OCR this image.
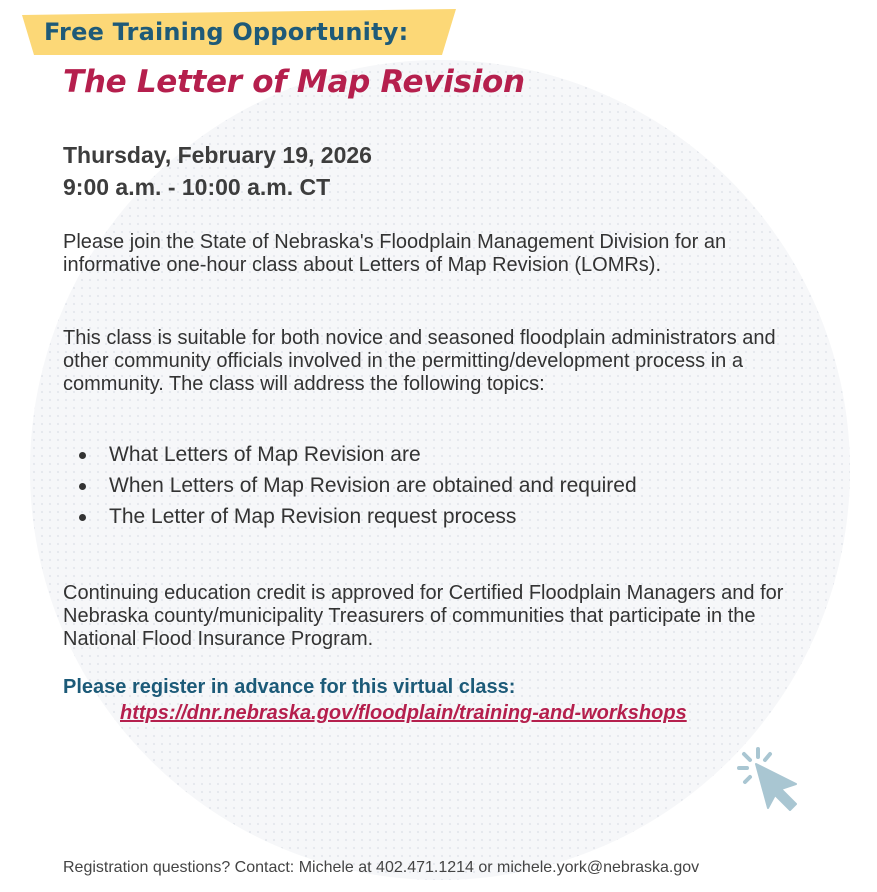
Free Training Opportunity:
The Letter of Map Revision
Thursday, February 19, 2026
9:00 a.m. - 10:00 a.m. CT
Please join the State of Nebraska's Floodplain Management Division for an informative one-hour class about Letters of Map Revision (LOMRs).
This class is suitable for both novice and seasoned floodplain administrators and other community officials involved in the permitting/development process in a community. The class will address the following topics:
What Letters of Map Revision are
When Letters of Map Revision are obtained and required
The Letter of Map Revision request process
Continuing education credit is approved for Certified Floodplain Managers and for Nebraska county/municipality Treasurers of communities that participate in the National Flood Insurance Program.
Please register in advance for this virtual class:
https://dnr.nebraska.gov/floodplain/training-and-workshops
Registration questions? Contact: Michele at 402.471.1214 or michele.york@nebraska.gov
